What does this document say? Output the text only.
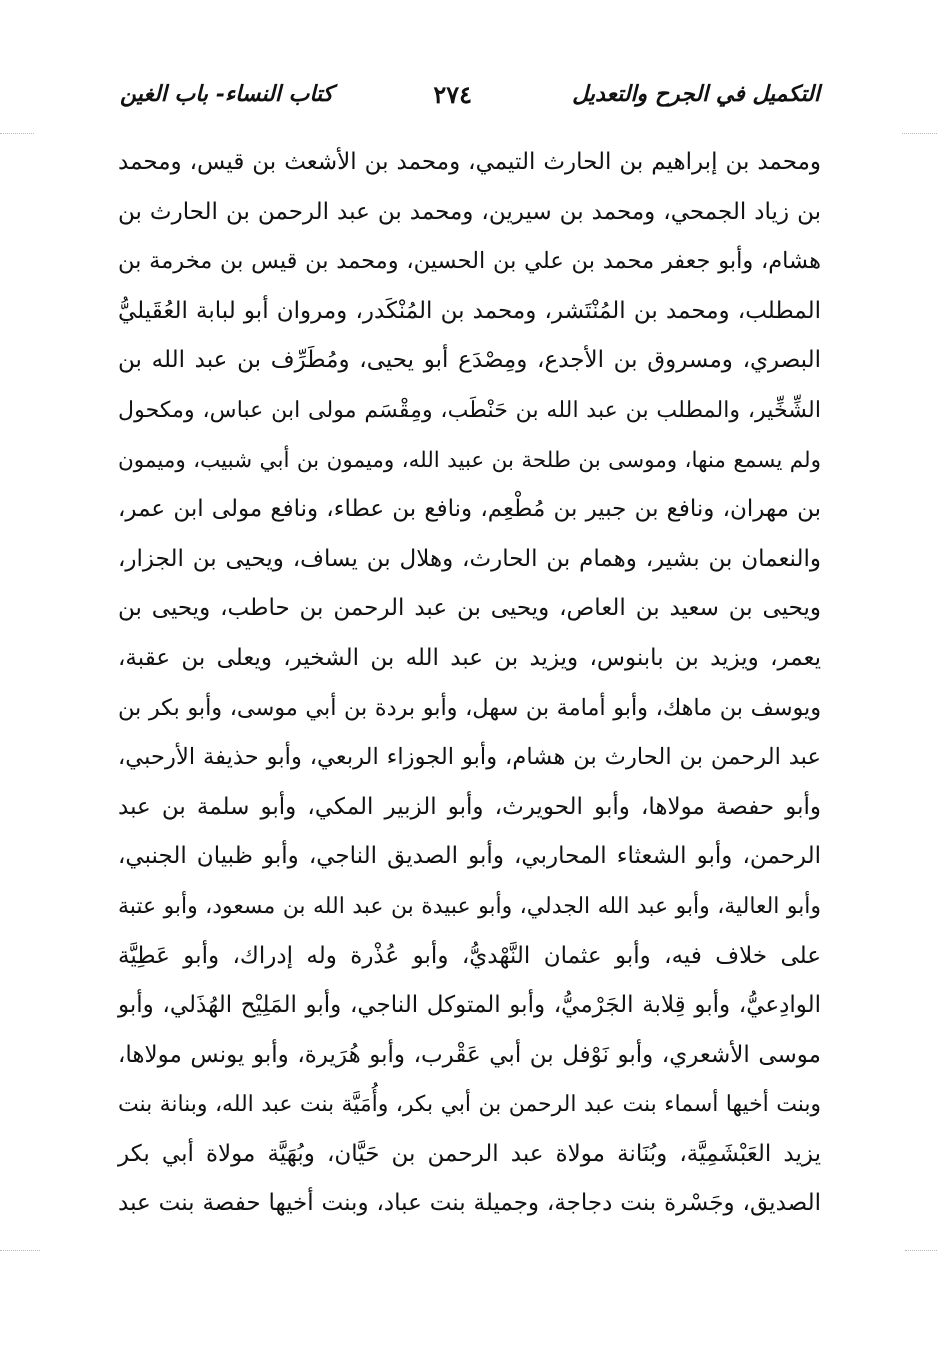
التكميل في الجرح والتعديل
٢٧٤
كتاب النساء- باب الغين
ومحمد بن إبراهيم بن الحارث التيمي، ومحمد بن الأشعث بن قيس، ومحمد
بن زياد الجمحي، ومحمد بن سيرين، ومحمد بن عبد الرحمن بن الحارث بن
هشام، وأبو جعفر محمد بن علي بن الحسين، ومحمد بن قيس بن مخرمة بن
المطلب، ومحمد بن المُنْتَشر، ومحمد بن المُنْكَدر، ومروان أبو لبابة العُقَيليُّ
البصري، ومسروق بن الأجدع، ومِصْدَع أبو يحيى، ومُطَرِّف بن عبد الله بن
الشِّخِّير، والمطلب بن عبد الله بن حَنْطَب، ومِقْسَم مولى ابن عباس، ومكحول
ولم يسمع منها، وموسى بن طلحة بن عبيد الله، وميمون بن أبي شبيب، وميمون
بن مهران، ونافع بن جبير بن مُطْعِم، ونافع بن عطاء، ونافع مولى ابن عمر،
والنعمان بن بشير، وهمام بن الحارث، وهلال بن يساف، ويحيى بن الجزار،
ويحيى بن سعيد بن العاص، ويحيى بن عبد الرحمن بن حاطب، ويحيى بن
يعمر، ويزيد بن بابنوس، ويزيد بن عبد الله بن الشخير، ويعلى بن عقبة،
ويوسف بن ماهك، وأبو أمامة بن سهل، وأبو بردة بن أبي موسى، وأبو بكر بن
عبد الرحمن بن الحارث بن هشام، وأبو الجوزاء الربعي، وأبو حذيفة الأرحبي،
وأبو حفصة مولاها، وأبو الحويرث، وأبو الزبير المكي، وأبو سلمة بن عبد
الرحمن، وأبو الشعثاء المحاربي، وأبو الصديق الناجي، وأبو ظبيان الجنبي،
وأبو العالية، وأبو عبد الله الجدلي، وأبو عبيدة بن عبد الله بن مسعود، وأبو عتبة
على خلاف فيه، وأبو عثمان النَّهْديُّ، وأبو عُذْرة وله إدراك، وأبو عَطِيَّة
الوادِعيُّ، وأبو قِلابة الجَرْميُّ، وأبو المتوكل الناجي، وأبو المَلِيْح الهُذَلي، وأبو
موسى الأشعري، وأبو نَوْفل بن أبي عَقْرب، وأبو هُرَيرة، وأبو يونس مولاها،
وبنت أخيها أسماء بنت عبد الرحمن بن أبي بكر، وأُمَيَّة بنت عبد الله، وبنانة بنت
يزيد العَبْشَمِيَّة، وبُنَانة مولاة عبد الرحمن بن حَيَّان، وبُهَيَّة مولاة أبي بكر
الصديق، وجَسْرة بنت دجاجة، وجميلة بنت عباد، وبنت أخيها حفصة بنت عبد
